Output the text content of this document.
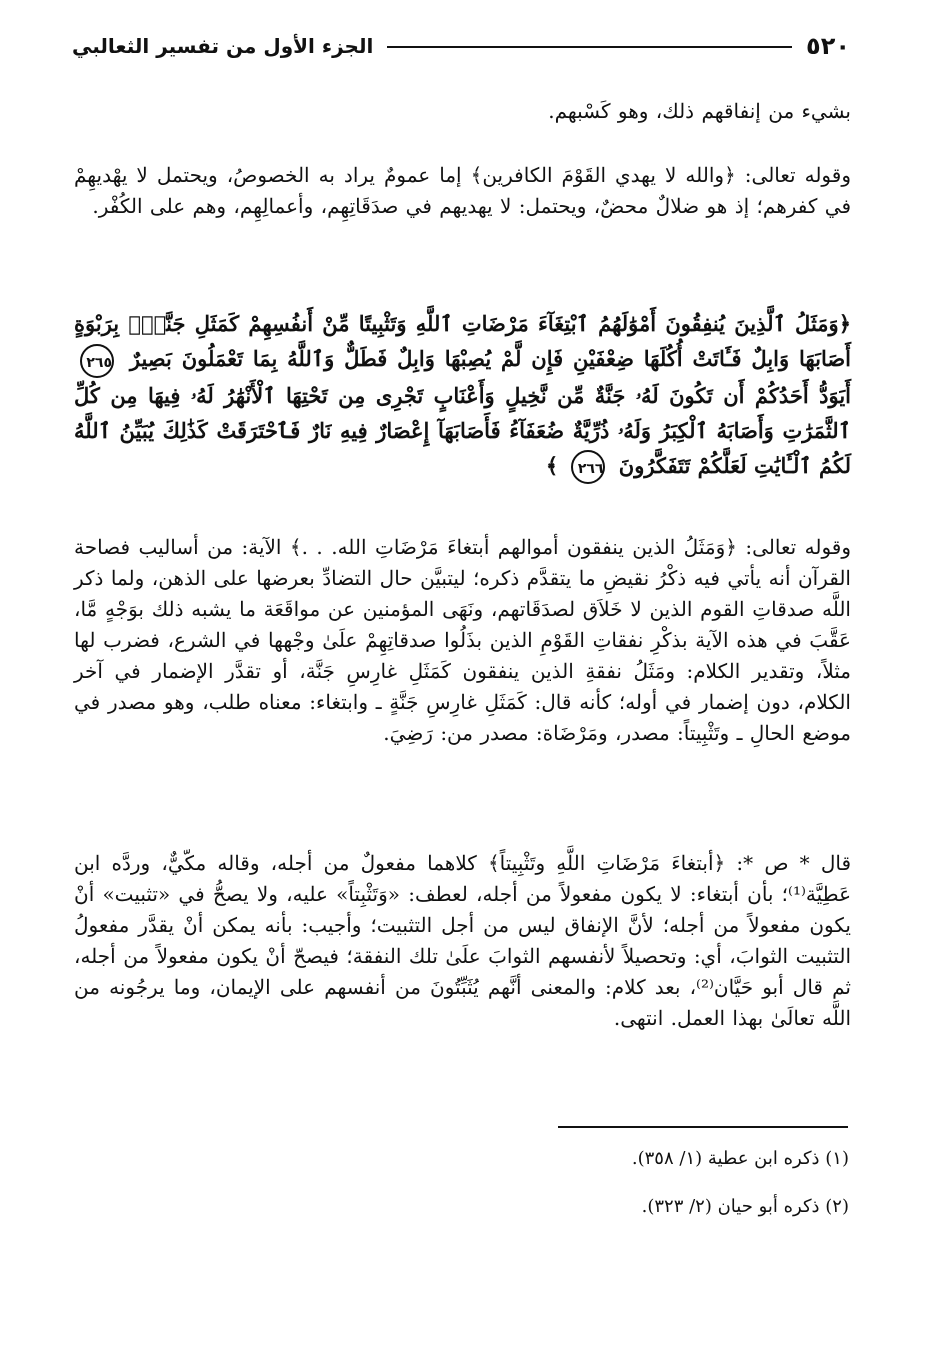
٥٢٠
الجزء الأول من تفسير الثعالبي
بشيء من إنفاقهم ذلك، وهو كَسْبهم.
وقوله تعالى: ﴿والله لا يهدي القَوْمَ الكافرين﴾ إما عمومٌ يراد به الخصوصُ، ويحتمل لا يهْديهِمْ في كفرهم؛ إذ هو ضلالٌ محضٌ، ويحتمل: لا يهديهم في صدَقَاتِهِم، وأعمالِهِم، وهم على الكُفْر.
﴿وَمَثَلُ ٱلَّذِينَ يُنفِقُونَ أَمْوَٰلَهُمُ ٱبْتِغَآءَ مَرْضَاتِ ٱللَّهِ وَتَثْبِيتًا مِّنْ أَنفُسِهِمْ كَمَثَلِ جَنَّةٍۭ بِرَبْوَةٍ أَصَابَهَا وَابِلٌ فَـَٔاتَتْ أُكُلَهَا ضِعْفَيْنِ فَإِن لَّمْ يُصِبْهَا وَابِلٌ فَطَلٌّ وَٱللَّهُ بِمَا تَعْمَلُونَ بَصِيرٌ ٢٦٥ أَيَوَدُّ أَحَدُكُمْ أَن تَكُونَ لَهُۥ جَنَّةٌ مِّن نَّخِيلٍ وَأَعْنَابٍ تَجْرِى مِن تَحْتِهَا ٱلْأَنْهَٰرُ لَهُۥ فِيهَا مِن كُلِّ ٱلثَّمَرَٰتِ وَأَصَابَهُ ٱلْكِبَرُ وَلَهُۥ ذُرِّيَّةٌ ضُعَفَآءُ فَأَصَابَهَآ إِعْصَارٌ فِيهِ نَارٌ فَٱحْتَرَقَتْ كَذَٰلِكَ يُبَيِّنُ ٱللَّهُ لَكُمُ ٱلْـَٔايَٰتِ لَعَلَّكُمْ تَتَفَكَّرُونَ ٢٦٦ ﴾
وقوله تعالى: ﴿وَمَثَلُ الذين ينفقون أموالهم أبتغاءَ مَرْضَاتِ الله. . .﴾ الآية: من أساليب فصاحة القرآن أنه يأتي فيه ذكْرُ نقيضِ ما يتقدَّم ذكره؛ ليتبيَّن حال التضادِّ بعرضها على الذهن، ولما ذكر اللَّه صدقاتِ القوم الذين لا خَلاَق لصدَقَاتهم، ونَهَى المؤمنين عن مواقَعَة ما يشبه ذلك بوَجْهٍ مَّا، عَقَّبَ في هذه الآية بذكْرِ نفقاتِ القَوْمِ الذين بذَلُوا صدقاتِهِمْ علَىٰ وجْهها في الشرع، فضرب لها مثلاً، وتقدير الكلام: ومَثَلُ نفقةِ الذين ينفقون كَمَثَلِ غارِسِ جَنَّة، أو تقدَّر الإضمار في آخر الكلام، دون إضمار في أوله؛ كأنه قال: كَمَثَلِ غارِسِ جَنَّةٍ ـ وابتغاء: معناه طلب، وهو مصدر في موضع الحالِ ـ وتَثْبِيتاً: مصدر، ومَرْضَاة: مصدر من: رَضِيَ.
قال * ص *: ﴿أبتغاءَ مَرْضَاتِ اللَّهِ وتَثْبِيتاً﴾ كلاهما مفعولٌ من أجله، وقاله مكّيٌّ، وردَّه ابن عَطِيَّة⁽¹⁾؛ بأن أبتغاء: لا يكون مفعولاً من أجله، لعطف: «وَتَثْبِتاً» عليه، ولا يصحُّ في «تثبيت» أنْ يكون مفعولاً من أجله؛ لأنَّ الإنفاق ليس من أجل التثبيت؛ وأجيب: بأنه يمكن أنْ يقدَّر مفعولُ التثبيت الثوابَ، أي: وتحصيلاً لأنفسهم الثوابَ علَىٰ تلك النفقة؛ فيصحّ أنْ يكون مفعولاً من أجله، ثم قال أبو حَيَّان⁽²⁾، بعد كلام: والمعنى أنَّهم يُثَبِّتُونَ من أنفسهم على الإيمان، وما يرجُونه من اللَّه تعالَىٰ بهذا العمل. انتهى.
(١) ذكره ابن عطية (١/ ٣٥٨).
(٢) ذكره أبو حيان (٢/ ٣٢٣).
